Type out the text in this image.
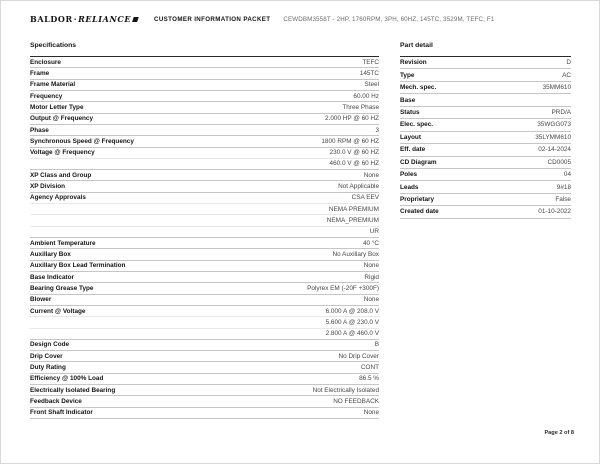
BALDOR · RELIANCE	CUSTOMER INFORMATION PACKET CEWDBM3558T - 2HP, 1760RPM, 3PH, 60HZ, 145TC, 3529M, TEFC, F1
Specifications
Enclosure	TEFC
Frame	145TC
Frame Material	Steel
Frequency	60.00 Hz
Motor Letter Type	Three Phase
Output @ Frequency	2.000 HP @ 60 HZ
Phase	3
Synchronous Speed @ Frequency	1800 RPM @ 60 HZ
Voltage @ Frequency	230.0 V @ 60 HZ
460.0 V @ 60 HZ
XP Class and Group	None
XP Division	Not Applicable
Agency Approvals	CSA EEV
NEMA PREMIUM
NEMA_PREMIUM
UR
Ambient Temperature	40 °C
Auxillary Box	No Auxillary Box
Auxillary Box Lead Termination	None
Base Indicator	Rigid
Bearing Grease Type	Polyrex EM (-20F +300F)
Blower	None
Current @ Voltage	6.000 A @ 208.0 V
5.600 A @ 230.0 V
2.800 A @ 460.0 V
Design Code	B
Drip Cover	No Drip Cover
Duty Rating	CONT
Efficiency @ 100% Load	86.5 %
Electrically Isolated Bearing	Not Electrically Isolated
Feedback Device	NO FEEDBACK
Front Shaft Indicator	None
Part detail
Revision	D
Type	AC
Mech. spec.	35MM610
Base
Status	PRD/A
Elec. spec.	35WGG073
Layout	35LYMM610
Eff. date	02-14-2024
CD Diagram	CD0005
Poles	04
Leads	9#18
Proprietary	False
Created date	01-10-2022
Page 2 of 8
